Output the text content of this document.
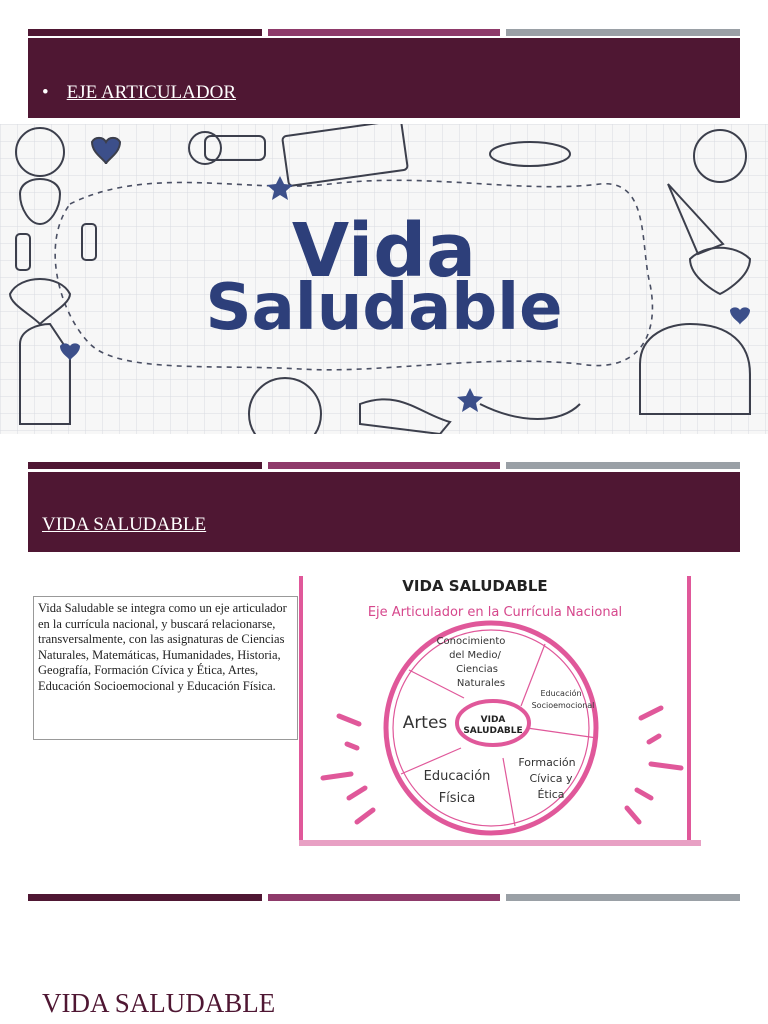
• EJE ARTICULADOR
Vida
Saludable
VIDA SALUDABLE
Vida Saludable se integra como un eje articulador en la currícula nacional, y buscará relacionarse, transversalmente, con las asignaturas de Ciencias Naturales, Matemáticas, Humanidades, Historia, Geografía, Formación Cívica y Ética, Artes, Educación Socioemocional y Educación Física.
VIDA SALUDABLE
Eje Articulador en la Currícula Nacional
VIDA
SALUDABLE
Conocimiento
del Medio/
Ciencias
Naturales
Educación
Socioemocional
Artes
Formación
Cívica y
Ética
Educación
Física
VIDA SALUDABLE
